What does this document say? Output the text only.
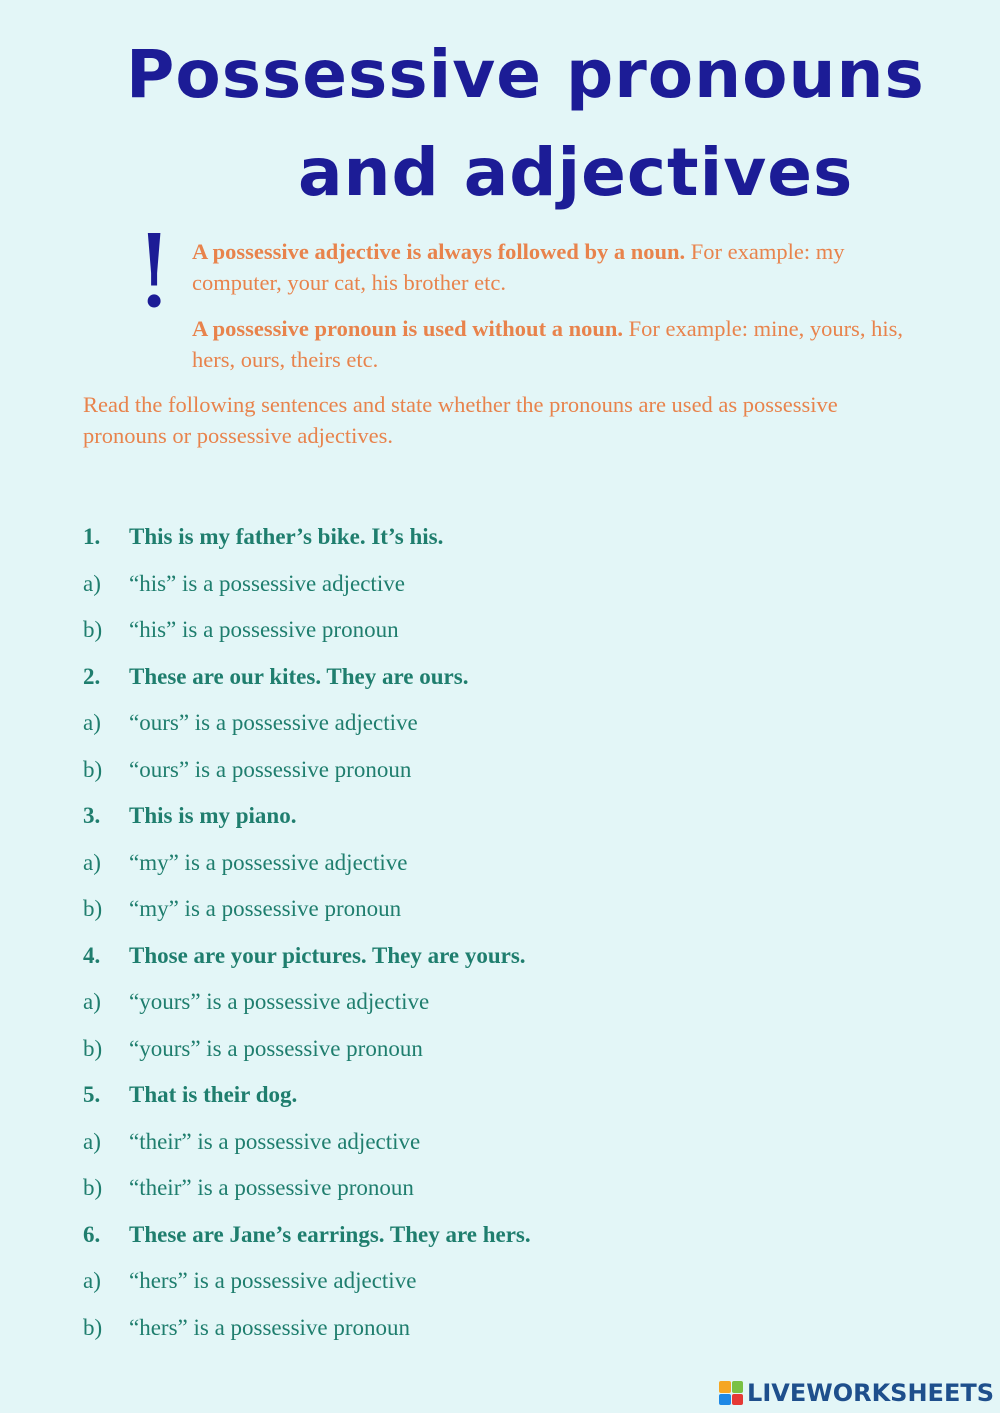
Possessive pronouns
and adjectives
! A possessive adjective is always followed by a noun. For example: my computer, your cat, his brother etc.

A possessive pronoun is used without a noun. For example: mine, yours, his, hers, ours, theirs etc.

Read the following sentences and state whether the pronouns are used as possessive pronouns or possessive adjectives.

1.	This is my father’s bike. It’s his.
a)	“his” is a possessive adjective
b)	“his” is a possessive pronoun
2.	These are our kites. They are ours.
a)	“ours” is a possessive adjective
b)	“ours” is a possessive pronoun
3.	This is my piano.
a)	“my” is a possessive adjective
b)	“my” is a possessive pronoun
4.	Those are your pictures. They are yours.
a)	“yours” is a possessive adjective
b)	“yours” is a possessive pronoun
5.	That is their dog.
a)	“their” is a possessive adjective
b)	“their” is a possessive pronoun
6.	These are Jane’s earrings. They are hers.
a)	“hers” is a possessive adjective
b)	“hers” is a possessive pronoun
LIVEWORKSHEETS
